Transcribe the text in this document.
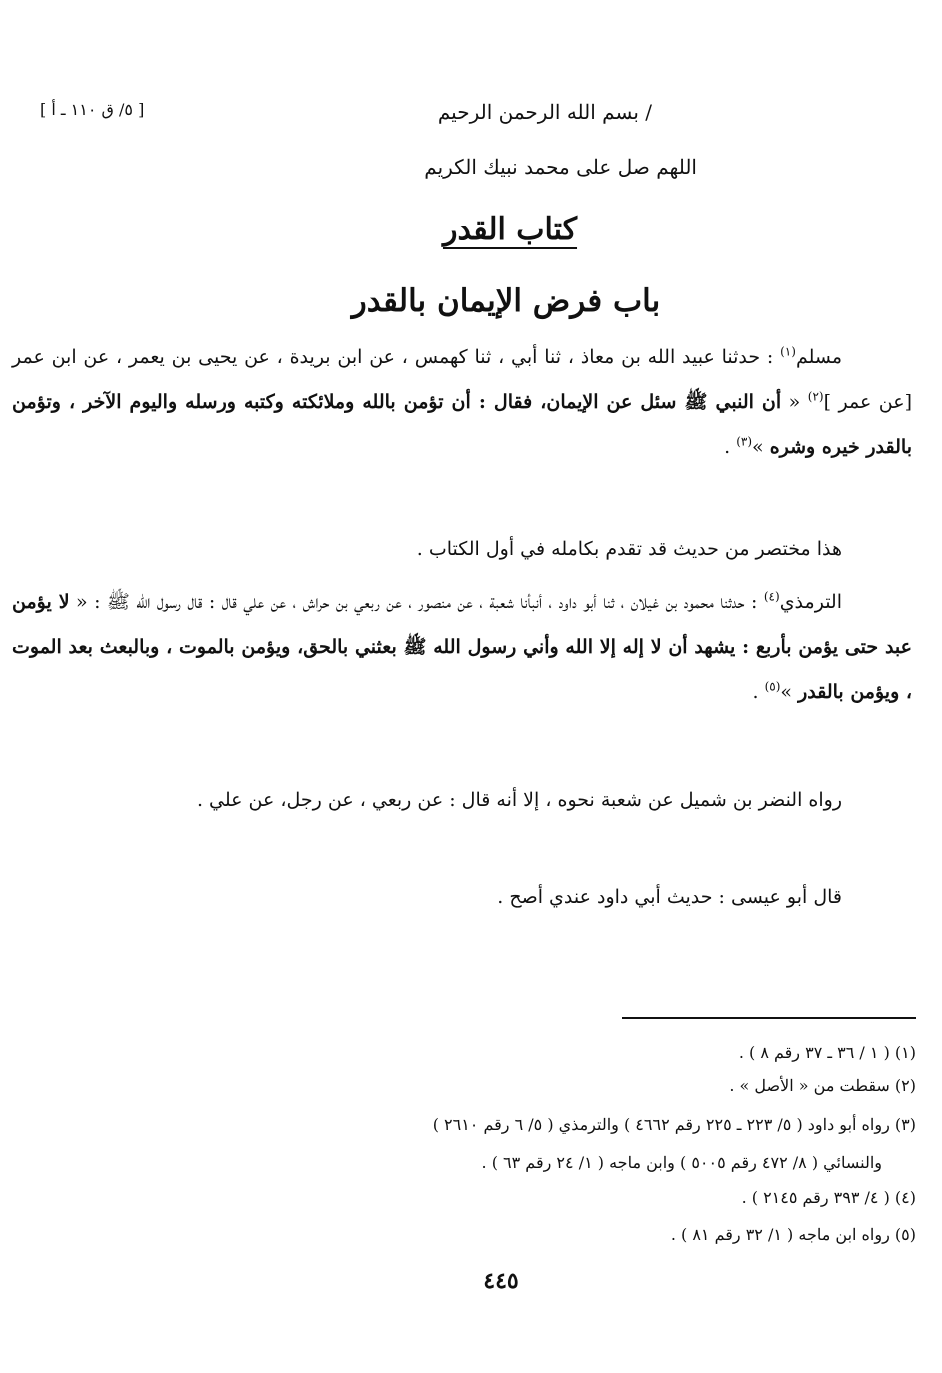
[ ٥/ ق ١١٠ ـ أ ]	/ بسم الله الرحمن الرحيم
اللهم صل على محمد نبيك الكريم
كتاب القدر
باب فرض الإيمان بالقدر
مسلم$^{(١)}$ : حدثنا عبيد الله بن معاذ ، ثنا أبي ، ثنا كهمس ، عن ابن بريدة ، عن يحيى بن يعمر ، عن ابن عمر [عن عمر ]$^{(٢)}$ « أن النبي ﷺ سئل عن الإيمان، فقال : أن تؤمن بالله وملائكته وكتبه ورسله واليوم الآخر ، وتؤمن بالقدر خيره وشره »$^{(٣)}$ .
هذا مختصر من حديث قد تقدم بكامله في أول الكتاب .
الترمذي$^{(٤)}$ : حدثنا محمود بن غيلان ، ثنا أبو داود ، أنبأنا شعبة ، عن منصور ، عن ربعي بن حراش ، عن علي قال : قال رسول الله ﷺ : « لا يؤمن عبد حتى يؤمن بأربع : يشهد أن لا إله إلا الله وأني رسول الله ﷺ بعثني بالحق، ويؤمن بالموت ، وبالبعث بعد الموت ، ويؤمن بالقدر »$^{(٥)}$ .
رواه النضر بن شميل عن شعبة نحوه ، إلا أنه قال : عن ربعي ، عن رجل، عن علي .
قال أبو عيسى : حديث أبي داود عندي أصح .
(١) ( ١ / ٣٦ ـ ٣٧ رقم ٨ ) .
(٢) سقطت من « الأصل » .
(٣) رواه أبو داود ( ٥/ ٢٢٣ ـ ٢٢٥ رقم ٤٦٦٢ ) والترمذي ( ٥/ ٦ رقم ٢٦١٠ )
والنسائي ( ٨/ ٤٧٢ رقم ٥٠٠٥ ) وابن ماجه ( ١/ ٢٤ رقم ٦٣ ) .
(٤) ( ٤/ ٣٩٣ رقم ٢١٤٥ ) .
(٥) رواه ابن ماجه ( ١/ ٣٢ رقم ٨١ ) .
٤٤٥
